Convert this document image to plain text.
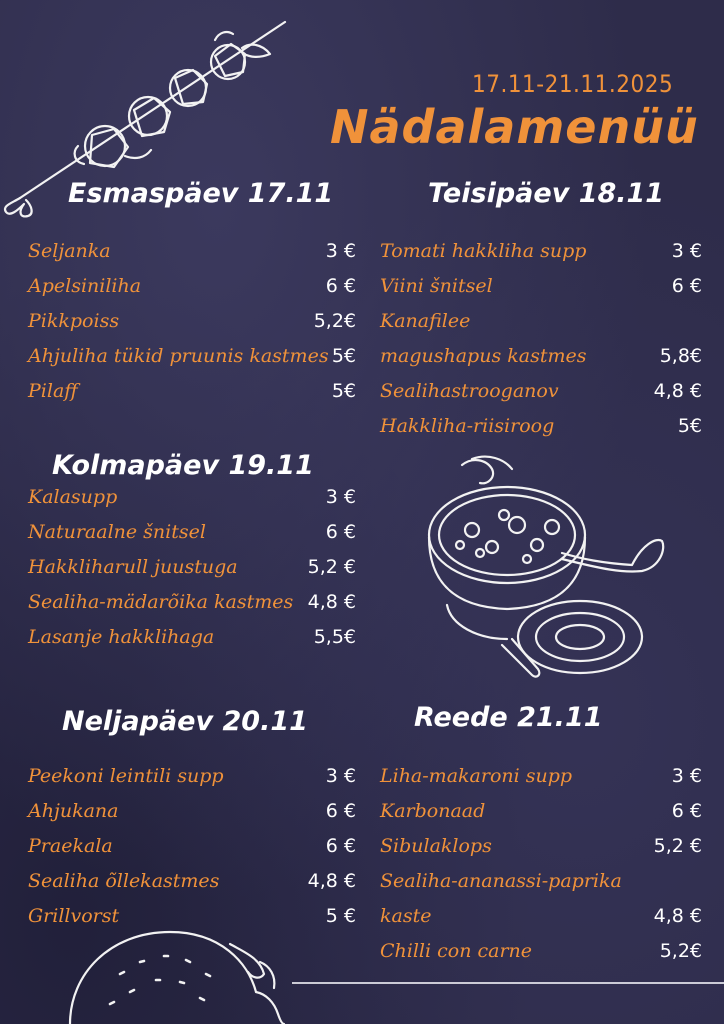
17.11-21.11.2025
Nädalamenüü
Esmaspäev 17.11
Seljanka	3 €
Apelsiniliha	6 €
Pikkpoiss	5,2€
Ahjuliha tükid pruunis kastmes 5€
Pilaff	5€
Teisipäev 18.11
Tomati hakkliha supp	3 €
Viini šnitsel	6 €
Kanafilee
magushapus kastmes	5,8€
Sealihastrooganov	4,8 €
Hakkliha-riisiroog	5€
Kolmapäev 19.11
Kalasupp	3 €
Naturaalne šnitsel	6 €
Hakkliharull juustuga	5,2 €
Sealiha-mädarõika kastmes 4,8 €
Lasanje hakklihaga	5,5€
Neljapäev 20.11
Peekoni leintili supp	3 €
Ahjukana	6 €
Praekala	6 €
Sealiha õllekastmes	4,8 €
Grillvorst	5 €
Reede 21.11
Liha-makaroni supp	3 €
Karbonaad	6 €
Sibulaklops	5,2 €
Sealiha-ananassi-paprika
kaste	4,8 €
Chilli con carne	5,2€
